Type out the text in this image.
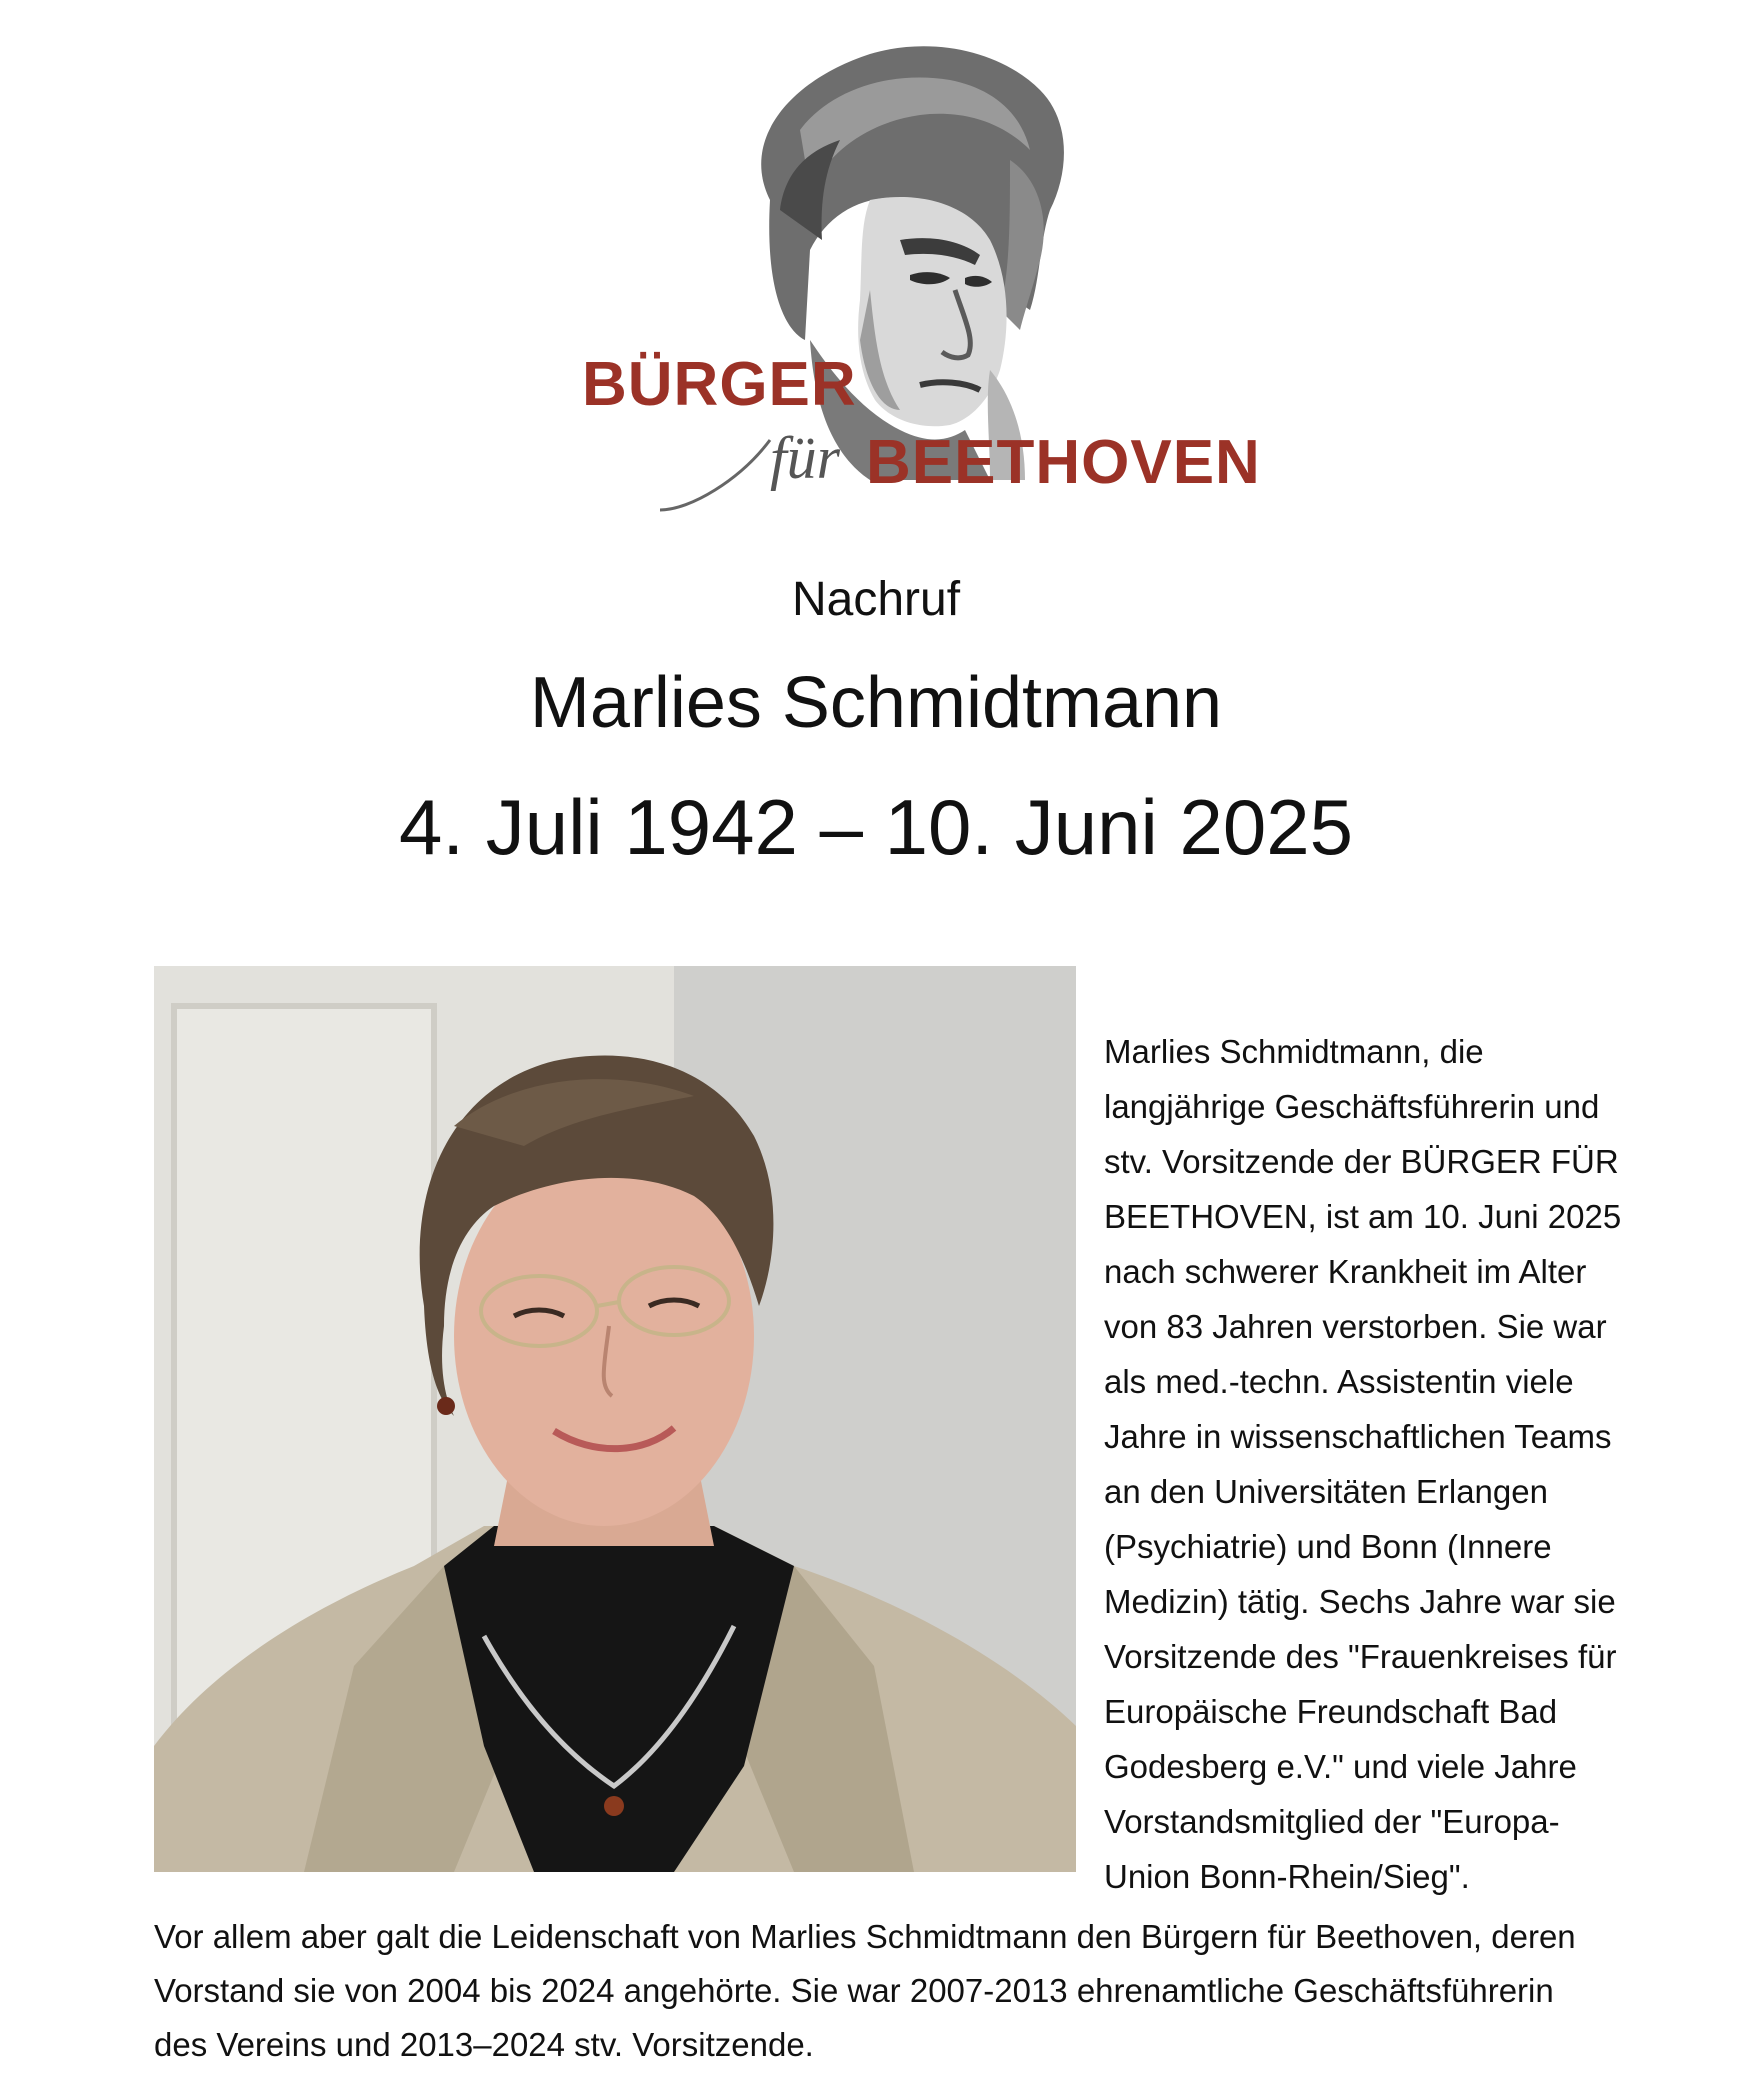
BÜRGER
für BEETHOVEN
Nachruf
Marlies Schmidtmann
4. Juli 1942 – 10. Juni 2025

Marlies Schmidtmann, die langjährige Geschäftsführerin und stv. Vorsitzende der BÜRGER FÜR BEETHOVEN, ist am 10. Juni 2025 nach schwerer Krankheit im Alter von 83 Jahren verstorben. Sie war als med.-techn. Assistentin viele Jahre in wissenschaftlichen Teams an den Universitäten Erlangen (Psychiatrie) und Bonn (Innere Medizin) tätig. Sechs Jahre war sie Vorsitzende des "Frauenkreises für Europäische Freundschaft Bad Godesberg e.V." und viele Jahre Vorstandsmitglied der "Europa-Union Bonn-Rhein/Sieg".

Vor allem aber galt die Leidenschaft von Marlies Schmidtmann den Bürgern für Beethoven, deren Vorstand sie von 2004 bis 2024 angehörte. Sie war 2007-2013 ehrenamtliche Geschäftsführerin des Vereins und 2013–2024 stv. Vorsitzende.
